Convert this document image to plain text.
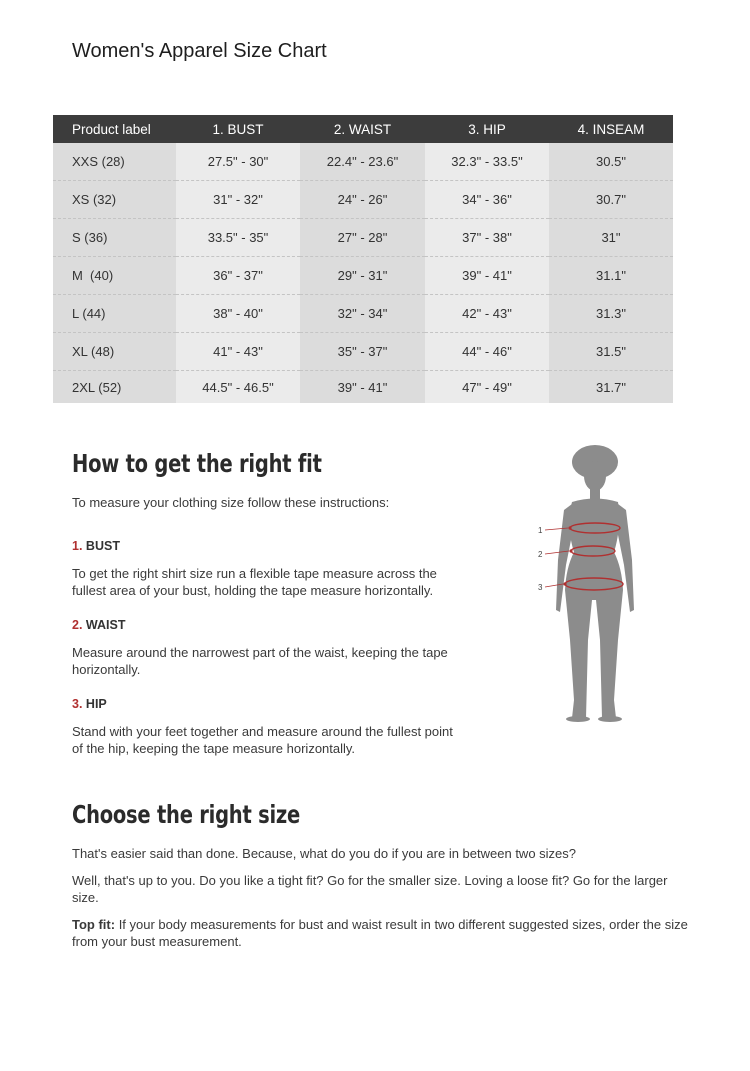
Women's Apparel Size Chart
Product label	1. BUST	2. WAIST	3. HIP	4. INSEAM
XXS (28)	27.5" - 30"	22.4" - 23.6"	32.3" - 33.5"	30.5"
XS (32)	31" - 32"	24" - 26"	34" - 36"	30.7"
S (36)	33.5" - 35"	27" - 28"	37" - 38"	31"
M  (40)	36" - 37"	29" - 31"	39" - 41"	31.1"
L (44)	38" - 40"	32" - 34"	42" - 43"	31.3"
XL (48)	41" - 43"	35" - 37"	44" - 46"	31.5"
2XL (52)	44.5" - 46.5"	39" - 41"	47" - 49"	31.7"
How to get the right fit

To measure your clothing size follow these instructions:

1. BUST

To get the right shirt size run a flexible tape measure across the fullest area of your bust, holding the tape measure horizontally.

2. WAIST

Measure around the narrowest part of the waist, keeping the tape horizontally.

3. HIP

Stand with your feet together and measure around the fullest point of the hip, keeping the tape measure horizontally.

1
2
3
Choose the right size

That's easier said than done. Because, what do you do if you are in between two sizes?

Well, that's up to you. Do you like a tight fit? Go for the smaller size. Loving a loose fit? Go for the larger size.

Top fit: If your body measurements for bust and waist result in two different suggested sizes, order the size from your bust measurement.
